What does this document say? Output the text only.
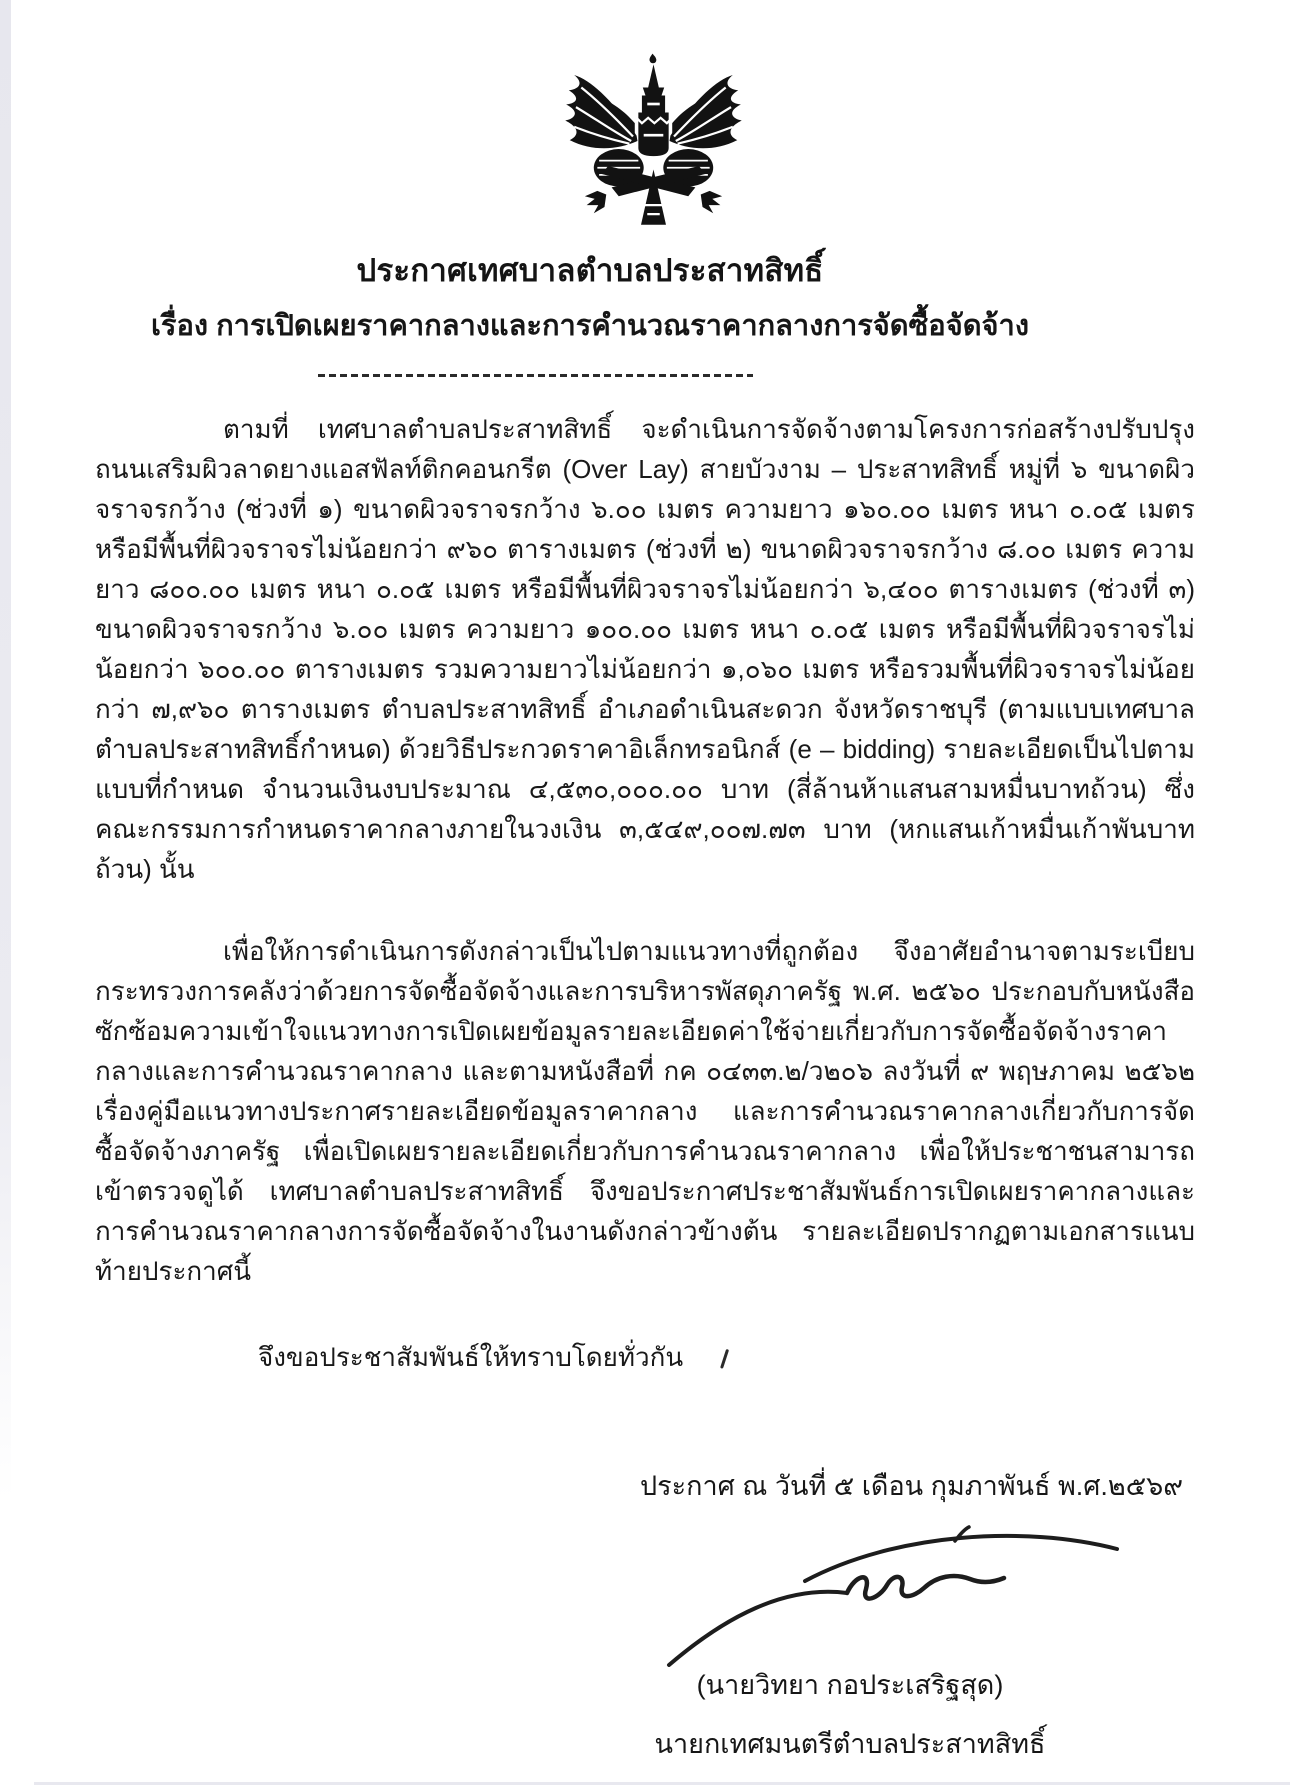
ประกาศเทศบาลตำบลประสาทสิทธิ์
เรื่อง การเปิดเผยราคากลางและการคำนวณราคากลางการจัดซื้อจัดจ้าง
ตามที่ เทศบาลตำบลประสาทสิทธิ์ จะดำเนินการจัดจ้างตามโครงการก่อสร้างปรับปรุงถนนเสริมผิวลาดยางแอสฟัลท์ติกคอนกรีต (Over Lay) สายบัวงาม – ประสาทสิทธิ์ หมู่ที่ ๖ ขนาดผิวจราจรกว้าง (ช่วงที่ ๑) ขนาดผิวจราจรกว้าง ๖.๐๐ เมตร ความยาว ๑๖๐.๐๐ เมตร หนา ๐.๐๕ เมตร หรือมีพื้นที่ผิวจราจรไม่น้อยกว่า ๙๖๐ ตารางเมตร (ช่วงที่ ๒) ขนาดผิวจราจรกว้าง ๘.๐๐ เมตร ความยาว ๘๐๐.๐๐ เมตร หนา ๐.๐๕ เมตร หรือมีพื้นที่ผิวจราจรไม่น้อยกว่า ๖,๔๐๐ ตารางเมตร (ช่วงที่ ๓) ขนาดผิวจราจรกว้าง ๖.๐๐ เมตร ความยาว ๑๐๐.๐๐ เมตร หนา ๐.๐๕ เมตร หรือมีพื้นที่ผิวจราจรไม่น้อยกว่า ๖๐๐.๐๐ ตารางเมตร รวมความยาวไม่น้อยกว่า ๑,๐๖๐ เมตร หรือรวมพื้นที่ผิวจราจรไม่น้อยกว่า ๗,๙๖๐ ตารางเมตร ตำบลประสาทสิทธิ์ อำเภอดำเนินสะดวก จังหวัดราชบุรี (ตามแบบเทศบาลตำบลประสาทสิทธิ์กำหนด) ด้วยวิธีประกวดราคาอิเล็กทรอนิกส์ (e – bidding) รายละเอียดเป็นไปตามแบบที่กำหนด จำนวนเงินงบประมาณ ๔,๕๓๐,๐๐๐.๐๐ บาท (สี่ล้านห้าแสนสามหมื่นบาทถ้วน) ซึ่งคณะกรรมการกำหนดราคากลางภายในวงเงิน ๓,๕๔๙,๐๐๗.๗๓ บาท (หกแสนเก้าหมื่นเก้าพันบาทถ้วน) นั้น
เพื่อให้การดำเนินการดังกล่าวเป็นไปตามแนวทางที่ถูกต้อง จึงอาศัยอำนาจตามระเบียบกระทรวงการคลังว่าด้วยการจัดซื้อจัดจ้างและการบริหารพัสดุภาครัฐ พ.ศ. ๒๕๖๐ ประกอบกับหนังสือซักซ้อมความเข้าใจแนวทางการเปิดเผยข้อมูลรายละเอียดค่าใช้จ่ายเกี่ยวกับการจัดซื้อจัดจ้างราคากลางและการคำนวณราคากลาง และตามหนังสือที่ กค ๐๔๓๓.๒/ว๒๐๖ ลงวันที่ ๙ พฤษภาคม ๒๕๖๒ เรื่องคู่มือแนวทางประกาศรายละเอียดข้อมูลราคากลาง และการคำนวณราคากลางเกี่ยวกับการจัดซื้อจัดจ้างภาครัฐ เพื่อเปิดเผยรายละเอียดเกี่ยวกับการคำนวณราคากลาง เพื่อให้ประชาชนสามารถเข้าตรวจดูได้ เทศบาลตำบลประสาทสิทธิ์ จึงขอประกาศประชาสัมพันธ์การเปิดเผยราคากลางและการคำนวณราคากลางการจัดซื้อจัดจ้างในงานดังกล่าวข้างต้น รายละเอียดปรากฏตามเอกสารแนบท้ายประกาศนี้
จึงขอประชาสัมพันธ์ให้ทราบโดยทั่วกัน
ประกาศ ณ วันที่ ๕ เดือน กุมภาพันธ์ พ.ศ.๒๕๖๙
(นายวิทยา กอประเสริฐสุด)
นายกเทศมนตรีตำบลประสาทสิทธิ์
